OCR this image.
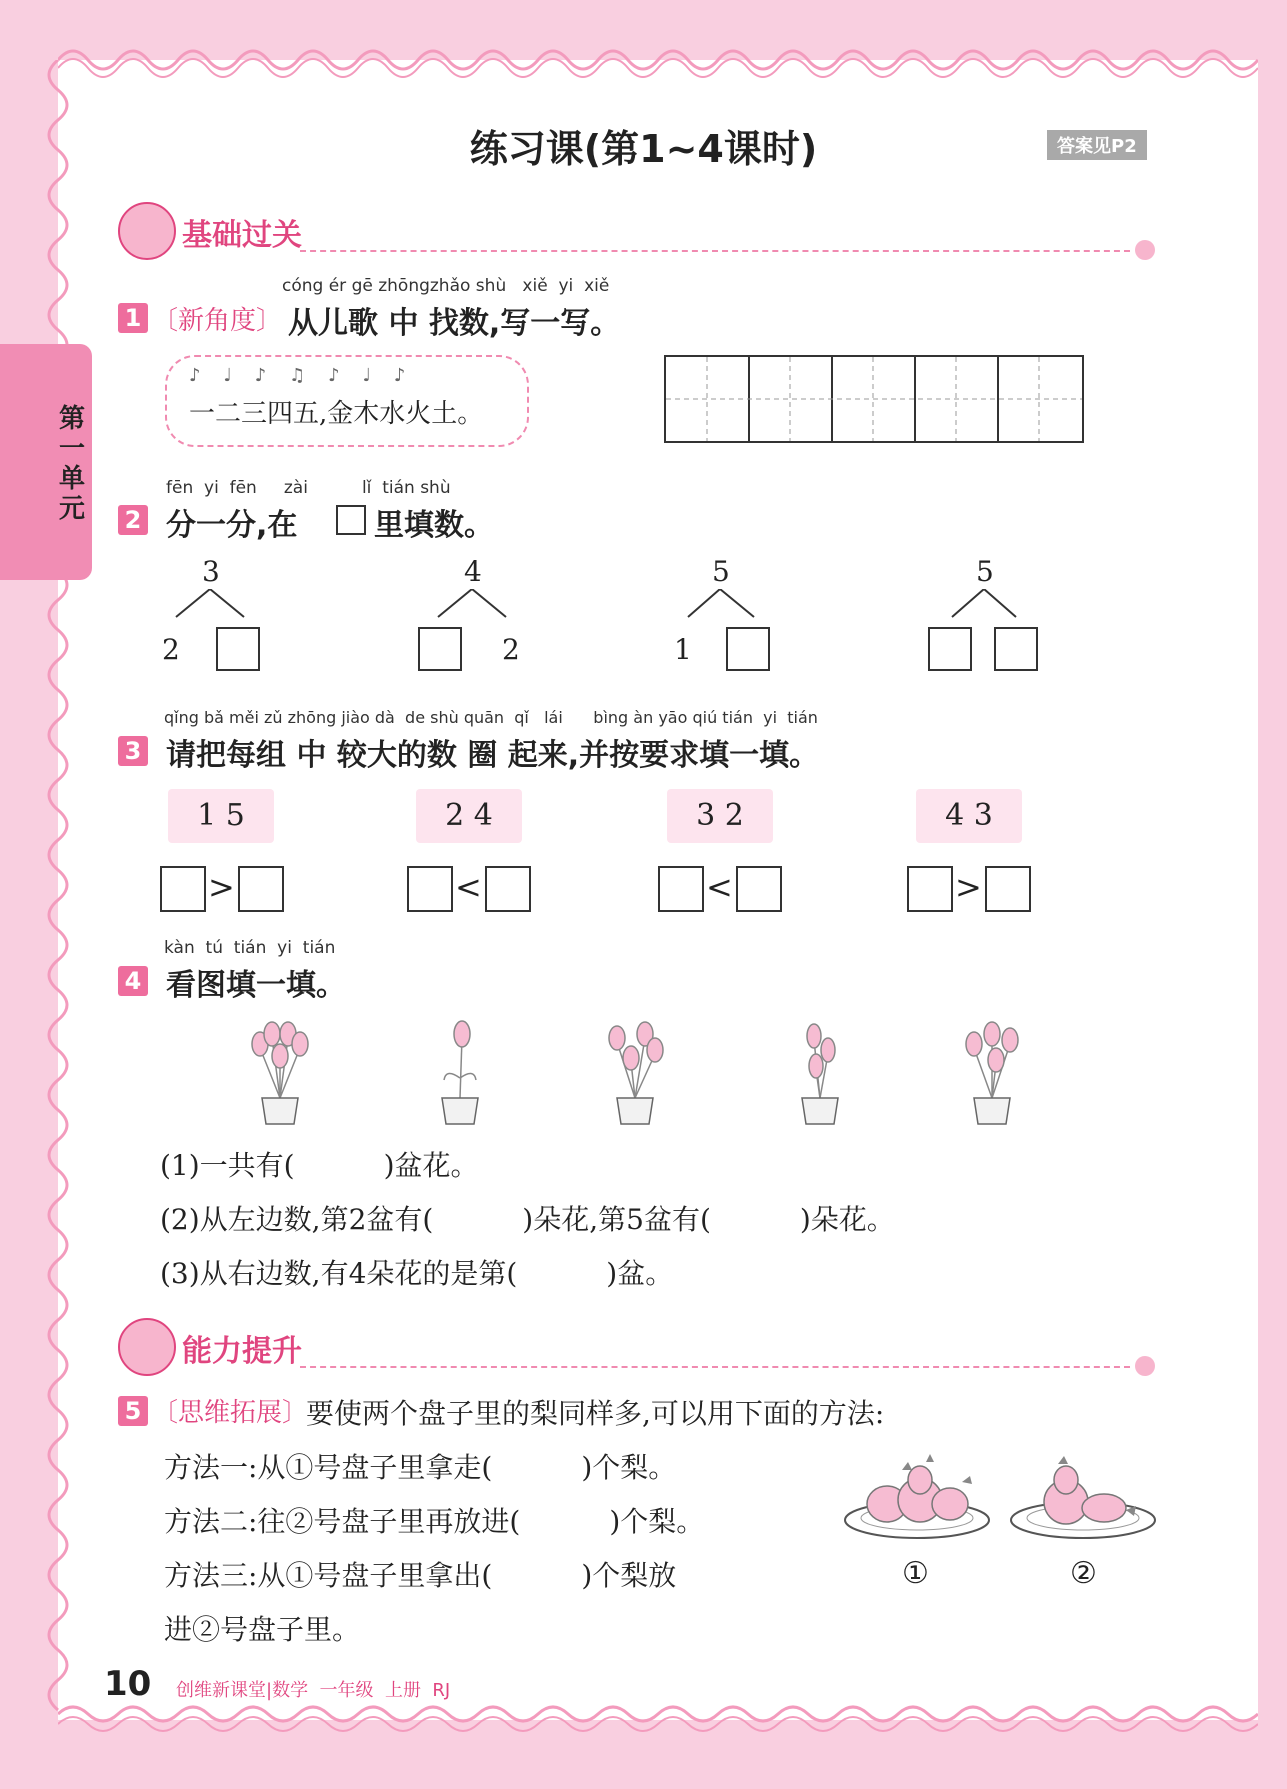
第一单元
练习课(第1~4课时)	答案见P2
基础过关
cóng ér gē zhōngzhǎo shù   xiě  yi  xiě
1 〔新角度〕 从儿歌 中 找数,写一写。
♪    ♩    ♪    ♫    ♪    ♩    ♪
一二三四五,金木水火土。
fēn  yi  fēn     zài          lǐ  tián shù
2 分一分,在	里填数。
3
2
4
2
5
1
5
qǐng bǎ měi zǔ zhōng jiào dà  de shù quān  qǐ   lái      bìng àn yāo qiú tián  yi  tián
3 请把每组 中 较大的数 圈 起来,并按要求填一填。
1 5	2 4	3 2	4 3
>	<	<	>
kàn  tú  tián  yi  tián
4 看图填一填。
(1)一共有(          )盆花。
(2)从左边数,第2盆有(          )朵花,第5盆有(          )朵花。
(3)从右边数,有4朵花的是第(          )盆。
能力提升
5 〔思维拓展〕
要使两个盘子里的梨同样多,可以用下面的方法:
方法一:从①号盘子里拿走(          )个梨。
方法二:往②号盘子里再放进(          )个梨。
方法三:从①号盘子里拿出(          )个梨放
进②号盘子里。
①	②
10 创维新课堂|数学  一年级  上册  RJ
